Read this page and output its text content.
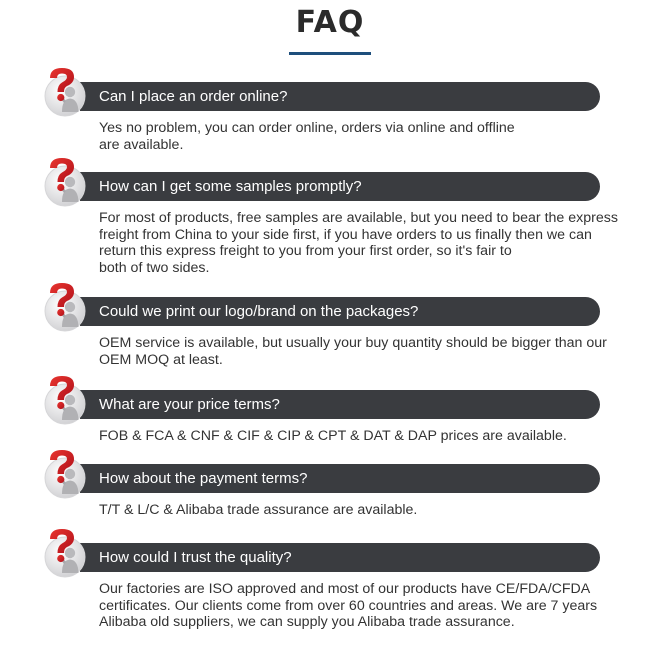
FAQ
Can I place an order online?
Yes no problem, you can order online, orders via online and offline
are available.
How can I get some samples promptly?
For most of products, free samples are available, but you need to bear the express
freight from China to your side first, if you have orders to us finally then we can
return this express freight to you from your first order, so it's fair to
both of two sides.
Could we print our logo/brand on the packages?
OEM service is available, but usually your buy quantity should be bigger than our
OEM MOQ at least.
What are your price terms?
FOB & FCA & CNF & CIF & CIP & CPT & DAT & DAP prices are available.
How about the payment terms?
T/T & L/C & Alibaba trade assurance are available.
How could I trust the quality?
Our factories are ISO approved and most of our products have CE/FDA/CFDA
certificates. Our clients come from over 60 countries and areas. We are 7 years
Alibaba old suppliers, we can supply you Alibaba trade assurance.
